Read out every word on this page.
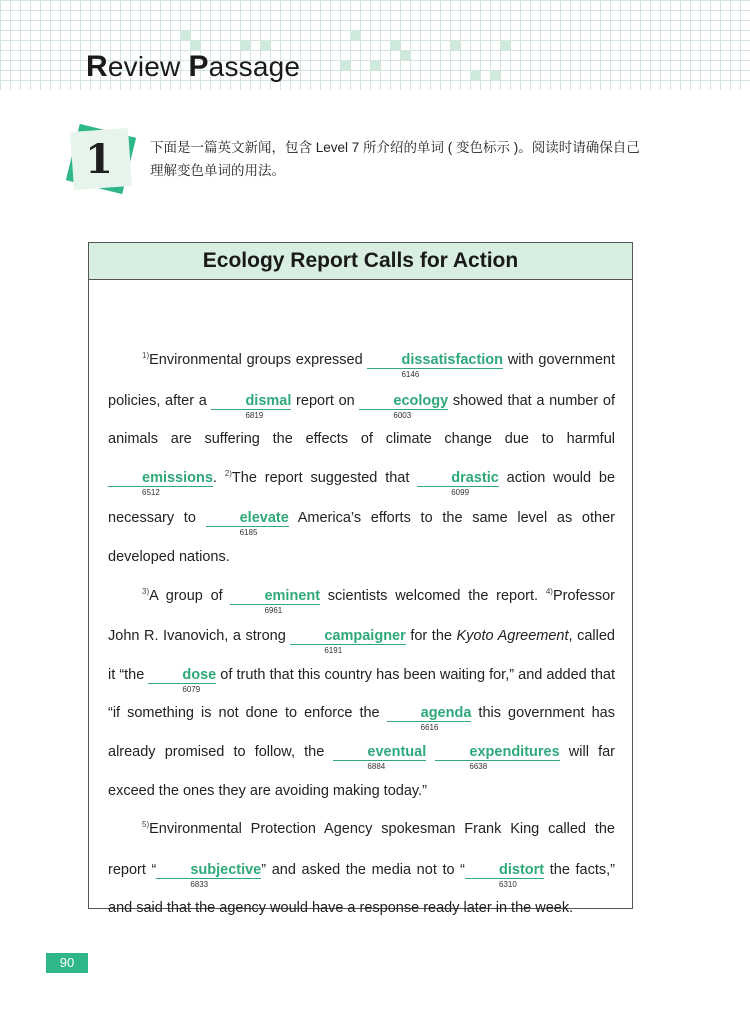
Review Passage
1	下面是一篇英文新闻，包含 Level 7 所介绍的单词 ( 变色标示 )。阅读时请确保自己理解变色单词的用法。

Ecology Report Calls for Action

$^{1)}$Environmental groups expressed dissatisfaction
6146
with government policies, after a dismal
6819
report on ecology
6003
showed that a number of animals are suffering the effects of climate change due to harmful emissions
6512
. $^{2)}$The report suggested that drastic
6099
action would be necessary to elevate
6185
America’s efforts to the same level as other developed nations.

$^{3)}$A group of eminent
6961
scientists welcomed the report. $^{4)}$Professor John R. Ivanovich, a strong campaigner
6191
for the Kyoto Agreement, called it “the dose
6079
of truth that this country has been waiting for,” and added that “if something is not done to enforce the agenda
6616
this government has already promised to follow, the eventual
6884
expenditures
6638
will far exceed the ones they are avoiding making today.”

$^{5)}$Environmental Protection Agency spokesman Frank King called the report “ subjective
6833
” and asked the media not to “ distort
6310
the facts,” and said that the agency would have a response ready later in the week.

90
